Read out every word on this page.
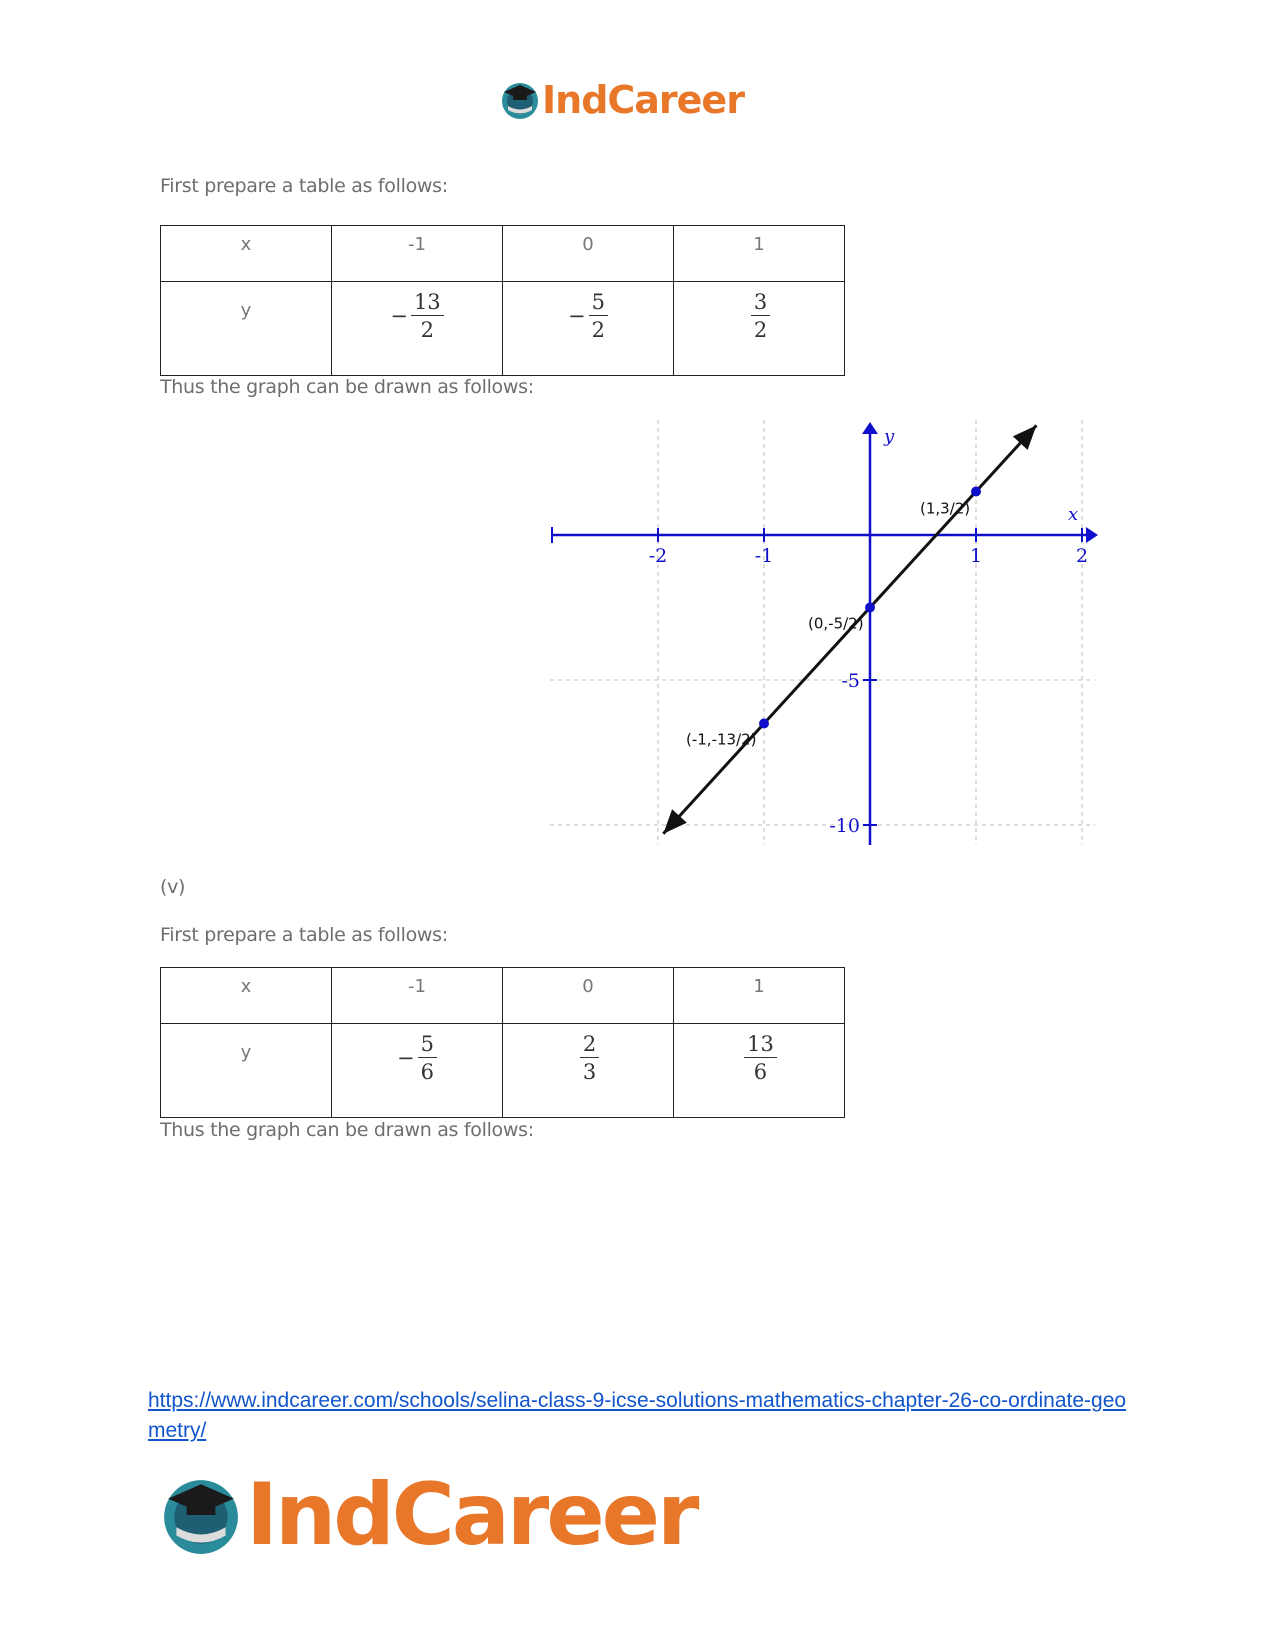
IndCareer
First prepare a table as follows:
x	-1	0	1
y	− $\frac{13}{2}$	− $\frac{5}{2}$	$\frac{3}{2}$
Thus the graph can be drawn as follows:
-2	-1	1	2
-5
-10
(-1,-13/2)
(0,-5/2)
(1,3/2)	x
y
(v)
First prepare a table as follows:
x	-1	0	1
y	− $\frac{5}{6}$	$\frac{2}{3}$	$\frac{13}{6}$
Thus the graph can be drawn as follows:
https://www.indcareer.com/schools/selina-class-9-icse-solutions-mathematics-chapter-26-co-ordinate-geometry/
IndCareer
